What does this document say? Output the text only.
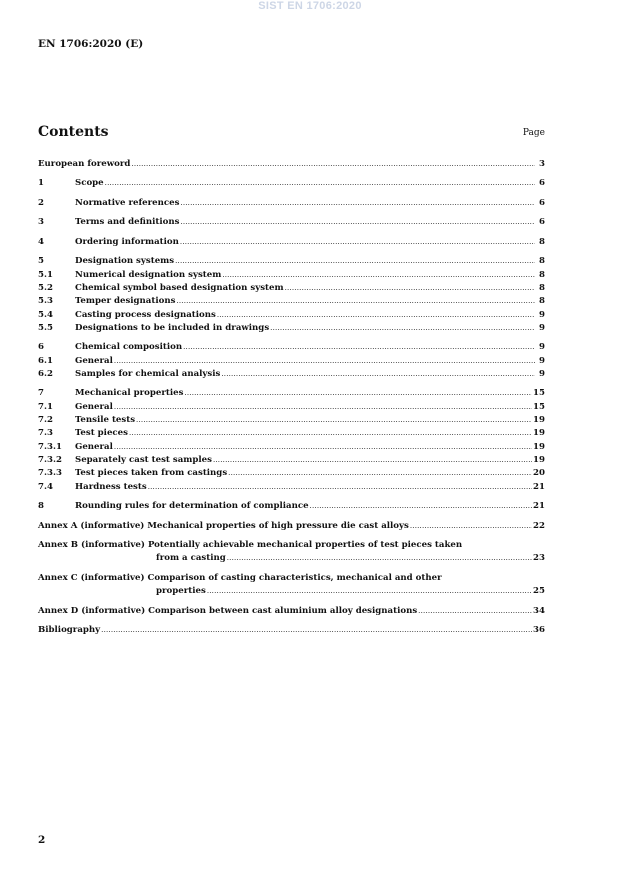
SIST EN 1706:2020
EN 1706:2020 (E)
Contents	Page
European foreword .....	3
1	Scope .....	6
2	Normative references .....	6
3	Terms and definitions .....	6
4	Ordering information .....	8
5	Designation systems .....	8
5.1	Numerical designation system .....	8
5.2	Chemical symbol based designation system .....	8
5.3	Temper designations .....	8
5.4	Casting process designations .....	9
5.5	Designations to be included in drawings .....	9
6	Chemical composition .....	9
6.1	General .....	9
6.2	Samples for chemical analysis .....	9
7	Mechanical properties .....	15
7.1	General .....	15
7.2	Tensile tests .....	19
7.3	Test pieces .....	19
7.3.1	General .....	19
7.3.2	Separately cast test samples .....	19
7.3.3	Test pieces taken from castings .....	20
7.4	Hardness tests .....	21
8	Rounding rules for determination of compliance .....	21
Annex A (informative) Mechanical properties of high pressure die cast alloys .....	22
Annex B (informative) Potentially achievable mechanical properties of test pieces taken
from a casting .....	23
Annex C (informative) Comparison of casting characteristics, mechanical and other
properties .....	25
Annex D (informative) Comparison between cast aluminium alloy designations .....	34
Bibliography .....	36
2
